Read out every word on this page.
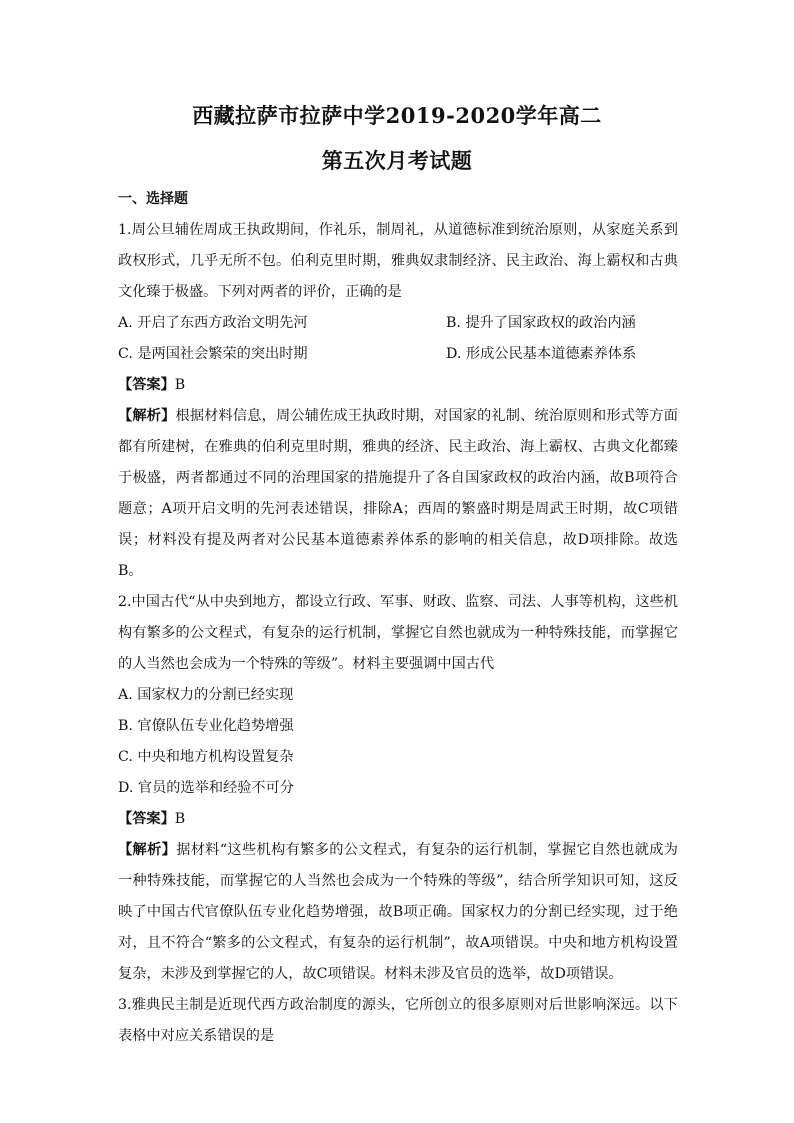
西藏拉萨市拉萨中学2019-2020学年高二
第五次月考试题

一、选择题

1.周公旦辅佐周成王执政期间，作礼乐，制周礼，从道德标准到统治原则，从家庭关系到政权形式，几乎无所不包。伯利克里时期，雅典奴隶制经济、民主政治、海上霸权和古典文化臻于极盛。下列对两者的评价，正确的是

A. 开启了东西方政治文明先河	B. 提升了国家政权的政治内涵
C. 是两国社会繁荣的突出时期	D. 形成公民基本道德素养体系

【答案】B

【解析】根据材料信息，周公辅佐成王执政时期，对国家的礼制、统治原则和形式等方面都有所建树，在雅典的伯利克里时期，雅典的经济、民主政治、海上霸权、古典文化都臻于极盛，两者都通过不同的治理国家的措施提升了各自国家政权的政治内涵，故B项符合题意；A项开启文明的先河表述错误，排除A；西周的繁盛时期是周武王时期，故C项错误；材料没有提及两者对公民基本道德素养体系的影响的相关信息，故D项排除。故选B。

2.中国古代“从中央到地方，都设立行政、军事、财政、监察、司法、人事等机构，这些机构有繁多的公文程式，有复杂的运行机制，掌握它自然也就成为一种特殊技能，而掌握它的人当然也会成为一个特殊的等级”。材料主要强调中国古代

A. 国家权力的分割已经实现

B. 官僚队伍专业化趋势增强

C. 中央和地方机构设置复杂

D. 官员的选举和经验不可分

【答案】B

【解析】据材料“这些机构有繁多的公文程式，有复杂的运行机制，掌握它自然也就成为一种特殊技能，而掌握它的人当然也会成为一个特殊的等级”，结合所学知识可知，这反映了中国古代官僚队伍专业化趋势增强，故B项正确。国家权力的分割已经实现，过于绝对，且不符合“繁多的公文程式，有复杂的运行机制”，故A项错误。中央和地方机构设置复杂，未涉及到掌握它的人，故C项错误。材料未涉及官员的选举，故D项错误。

3.雅典民主制是近现代西方政治制度的源头，它所创立的很多原则对后世影响深远。以下表格中对应关系错误的是
